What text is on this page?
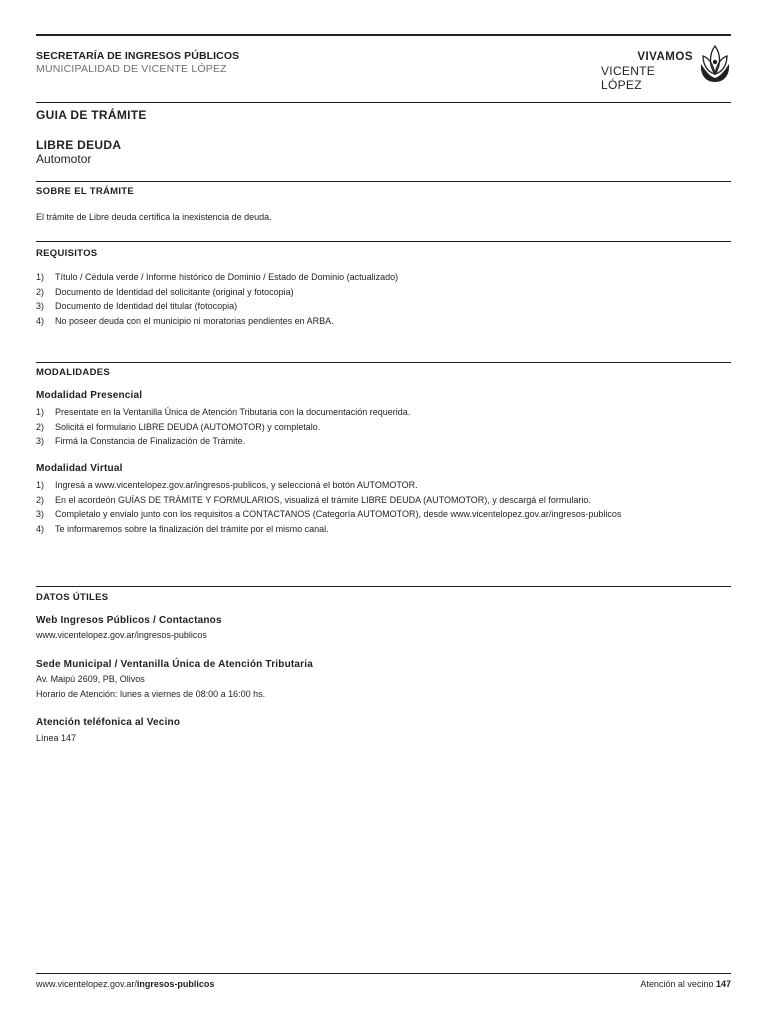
SECRETARÍA DE INGRESOS PÚBLICOS
MUNICIPALIDAD DE VICENTE LÓPEZ
VIVAMOS
VICENTE LÓPEZ
GUIA DE TRÁMITE
LIBRE DEUDA
Automotor
SOBRE EL TRÁMITE
El trámite de Libre deuda certifica la inexistencia de deuda.
REQUISITOS
1)	Título / Cédula verde / Informe histórico de Dominio / Estado de Dominio (actualizado)
2)	Documento de Identidad del solicitante (original y fotocopia)
3)	Documento de Identidad del titular (fotocopia)
4)	No poseer deuda con el municipio ni moratorias pendientes en ARBA.
MODALIDADES
Modalidad Presencial
1)	Presentate en la Ventanilla Única de Atención Tributaria con la documentación requerida.
2)	Solicitá el formulario LIBRE DEUDA (AUTOMOTOR) y completalo.
3)	Firmá la Constancia de Finalización de Trámite.
Modalidad Virtual
1)	Ingresá a www.vicentelopez.gov.ar/ingresos-publicos, y seleccioná el botón AUTOMOTOR.
2)	En el acordeón GUÍAS DE TRÁMITE Y FORMULARIOS, visualizá el trámite LIBRE DEUDA (AUTOMOTOR), y descargá el formulario.
3)	Completalo y envialo junto con los requisitos a CONTACTANOS (Categoría AUTOMOTOR), desde www.vicentelopez.gov.ar/ingresos-publicos
4)	Te informaremos sobre la finalización del trámite por el mismo canal.
DATOS ÚTILES
Web Ingresos Públicos / Contactanos
www.vicentelopez.gov.ar/ingresos-publicos
Sede Municipal / Ventanilla Única de Atención Tributaria
Av. Maipú 2609, PB, Olivos
Horario de Atención: lunes a viernes de 08:00 a 16:00 hs.
Atención teléfonica al Vecino
Línea 147
www.vicentelopez.gov.ar/ingresos-publicos	Atención al vecino 147
